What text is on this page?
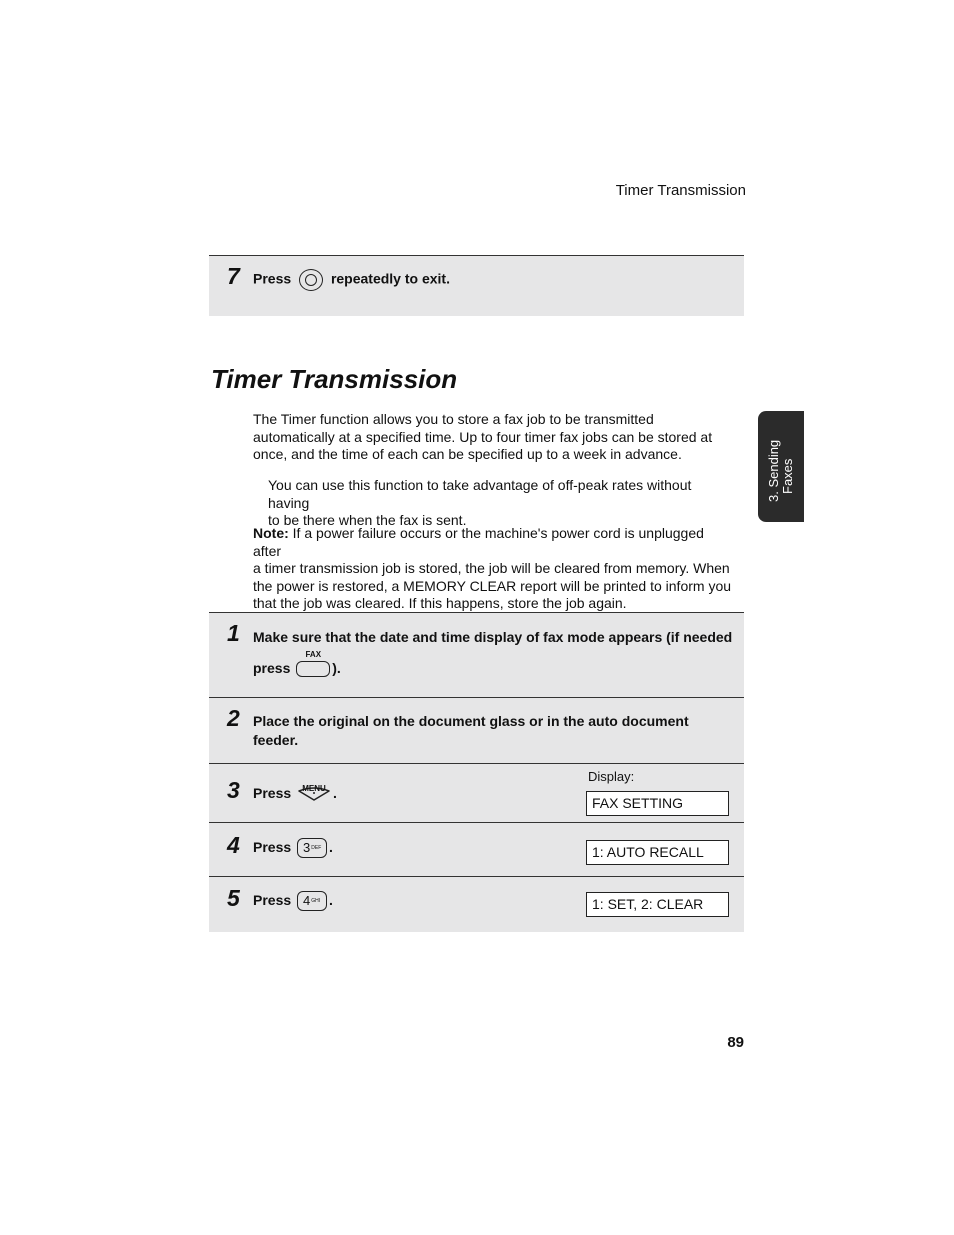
Timer Transmission
7 Press	repeatedly to exit.
Timer Transmission
The Timer function allows you to store a fax job to be transmitted
automatically at a specified time. Up to four timer fax jobs can be stored at
once, and the time of each can be specified up to a week in advance.
You can use this function to take advantage of off-peak rates without having
to be there when the fax is sent.
Note: If a power failure occurs or the machine's power cord is unplugged after
a timer transmission job is stored, the job will be cleared from memory. When
the power is restored, a MEMORY CLEAR report will be printed to inform you
that the job was cleared. If this happens, store the job again.
1 Make sure that the date and time display of fax mode appears (if needed
press
FAX
).
2 Place the original on the document glass or in the auto document
feeder.
3 Press	MENU .
4 Press 3DEF .
5 Press 4GHI .
Display:
FAX SETTING
1: AUTO RECALL
1: SET, 2: CLEAR
3. Sending Faxes
89
